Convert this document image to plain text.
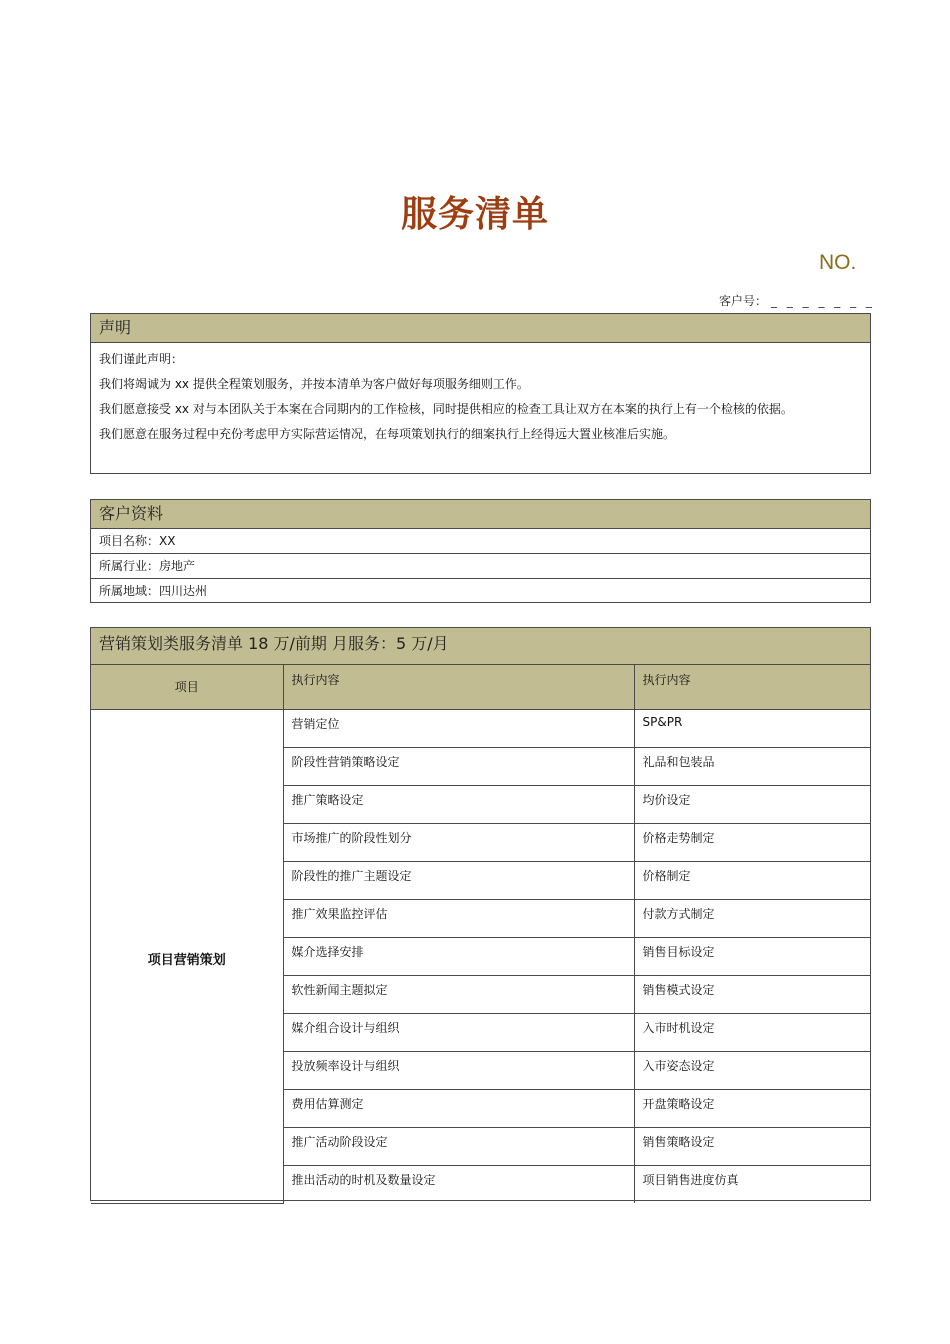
服务清单
NO.
客户号： _ _ _ _ _ _ _
声明
我们谨此声明：
我们将竭诚为 xx 提供全程策划服务，并按本清单为客户做好每项服务细则工作。
我们愿意接受 xx 对与本团队关于本案在合同期内的工作检核，同时提供相应的检查工具让双方在本案的执行上有一个检核的依据。
我们愿意在服务过程中充份考虑甲方实际营运情况，在每项策划执行的细案执行上经得远大置业核准后实施。
客户资料
项目名称：XX
所属行业：房地产
所属地域：四川达州
营销策划类服务清单 18 万/前期 月服务：5 万/月
项目	执行内容	执行内容
项目营销策划	营销定位	SP&PR
	阶段性营销策略设定	礼品和包装品
	推广策略设定	均价设定
	市场推广的阶段性划分	价格走势制定
	阶段性的推广主题设定	价格制定
	推广效果监控评估	付款方式制定
	媒介选择安排	销售目标设定
	软性新闻主题拟定	销售模式设定
	媒介组合设计与组织	入市时机设定
	投放频率设计与组织	入市姿态设定
	费用估算测定	开盘策略设定
	推广活动阶段设定	销售策略设定
	推出活动的时机及数量设定	项目销售进度仿真
